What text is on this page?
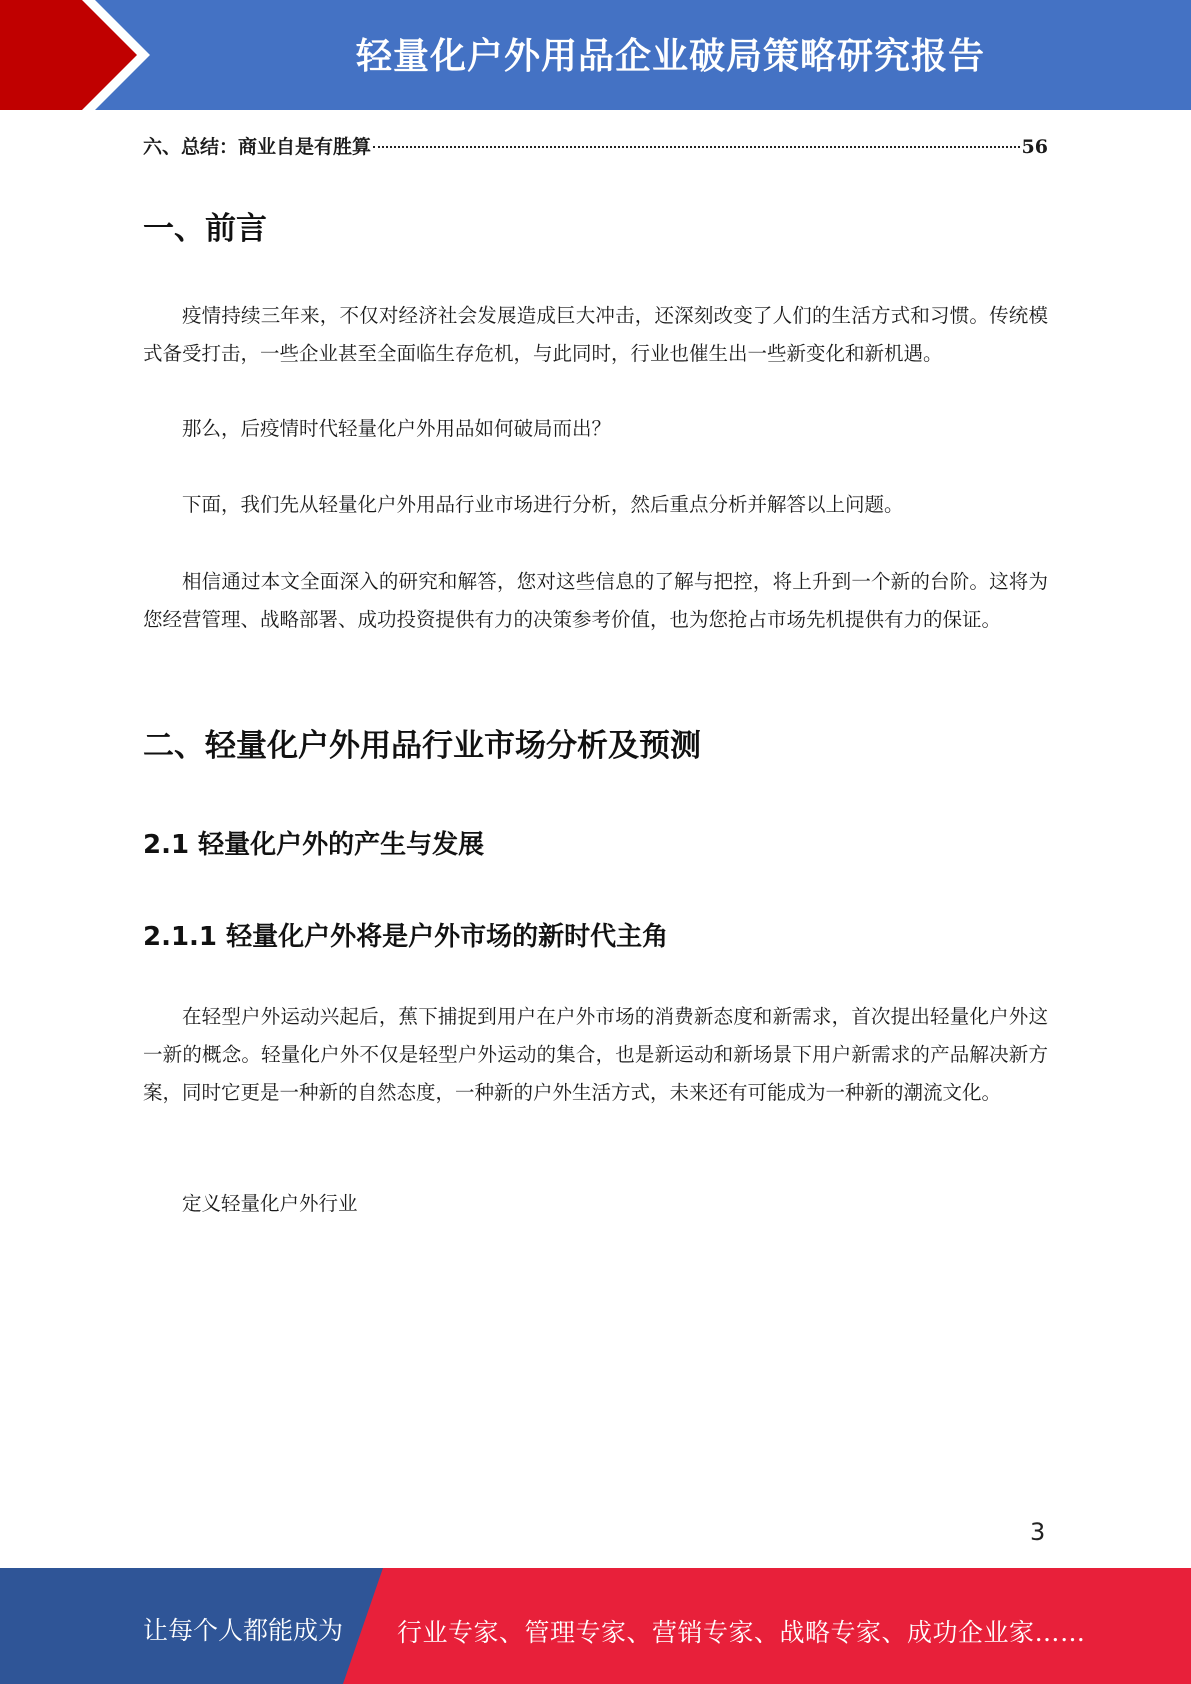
轻量化户外用品企业破局策略研究报告
六、总结：商业自是有胜算	56
一、前言
疫情持续三年来，不仅对经济社会发展造成巨大冲击，还深刻改变了人们的生活方式和习惯。传统模式备受打击，一些企业甚至全面临生存危机，与此同时，行业也催生出一些新变化和新机遇。
那么，后疫情时代轻量化户外用品如何破局而出？
下面，我们先从轻量化户外用品行业市场进行分析，然后重点分析并解答以上问题。
相信通过本文全面深入的研究和解答，您对这些信息的了解与把控，将上升到一个新的台阶。这将为您经营管理、战略部署、成功投资提供有力的决策参考价值，也为您抢占市场先机提供有力的保证。
二、轻量化户外用品行业市场分析及预测
2.1 轻量化户外的产生与发展
2.1.1 轻量化户外将是户外市场的新时代主角
在轻型户外运动兴起后，蕉下捕捉到用户在户外市场的消费新态度和新需求，首次提出轻量化户外这一新的概念。轻量化户外不仅是轻型户外运动的集合，也是新运动和新场景下用户新需求的产品解决新方案，同时它更是一种新的自然态度，一种新的户外生活方式，未来还有可能成为一种新的潮流文化。
定义轻量化户外行业
3
让每个人都能成为 行业专家、管理专家、营销专家、战略专家、成功企业家……
